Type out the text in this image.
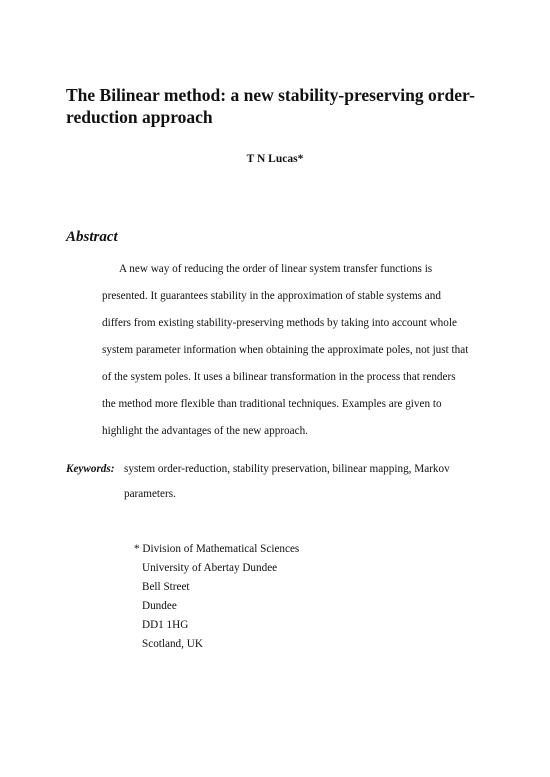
The Bilinear method: a new stability-preserving order-
reduction approach
T N Lucas*
Abstract
A new way of reducing the order of linear system transfer functions is
presented. It guarantees stability in the approximation of stable systems and
differs from existing stability-preserving methods by taking into account whole
system parameter information when obtaining the approximate poles, not just that
of the system poles. It uses a bilinear transformation in the process that renders
the method more flexible than traditional techniques. Examples are given to
highlight the advantages of the new approach.
Keywords: system order-reduction, stability preservation, bilinear mapping, Markov
parameters.
* Division of Mathematical Sciences
University of Abertay Dundee
Bell Street
Dundee
DD1 1HG
Scotland, UK
